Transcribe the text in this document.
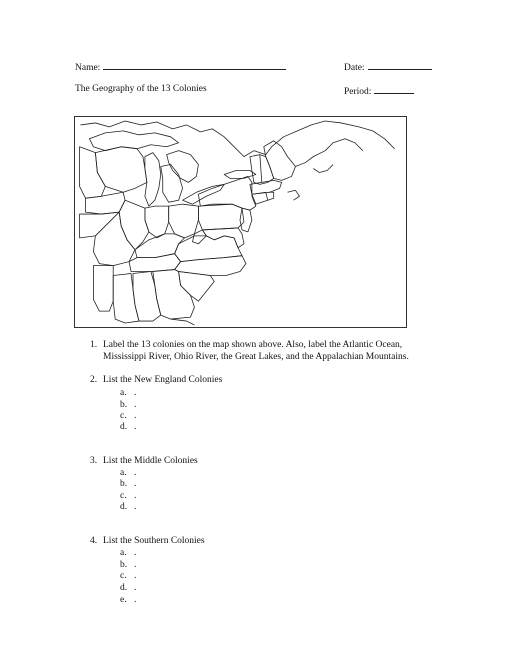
Name:	Date:
The Geography of the 13 Colonies	Period:
1. Label the 13 colonies on the map shown above. Also, label the Atlantic Ocean,
Mississippi River, Ohio River, the Great Lakes, and the Appalachian Mountains.
2. List the New England Colonies
a. .
b. .
c. .
d. .
3. List the Middle Colonies
a. .
b. .
c. .
d. .
4. List the Southern Colonies
a. .
b. .
c. .
d. .
e. .
